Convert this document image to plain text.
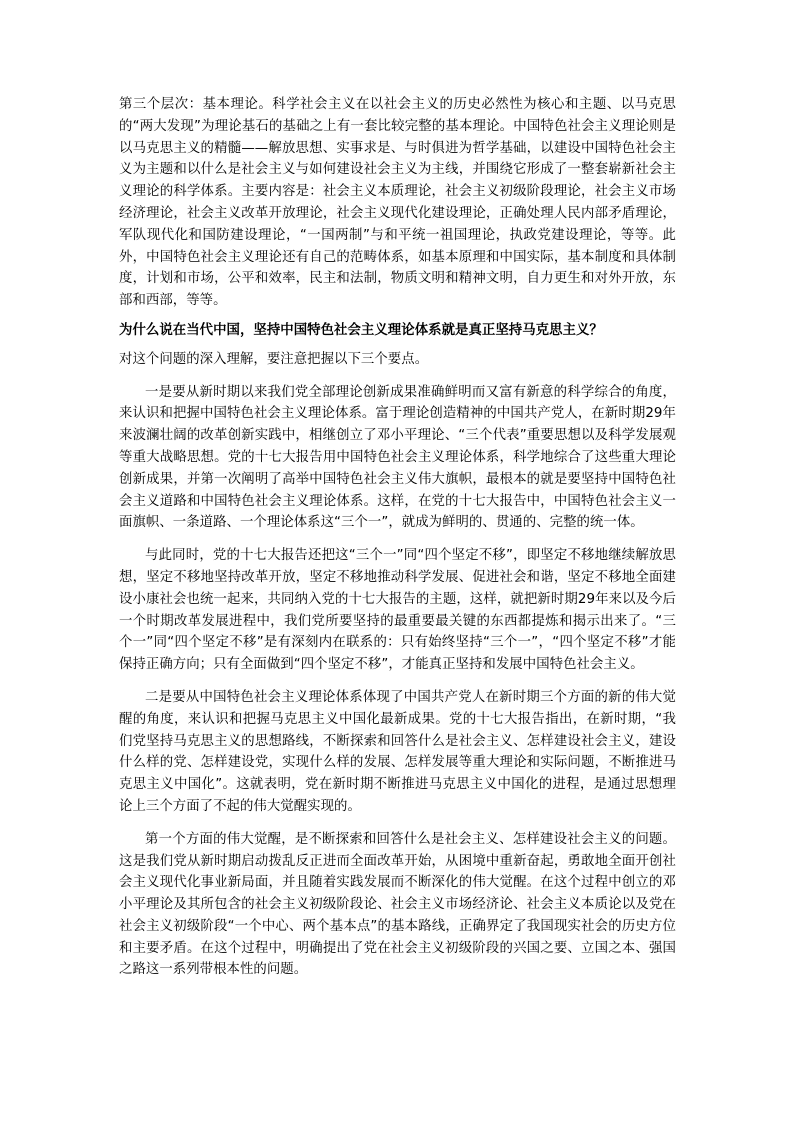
第三个层次：基本理论。科学社会主义在以社会主义的历史必然性为核心和主题、以马克思的“两大发现”为理论基石的基础之上有一套比较完整的基本理论。中国特色社会主义理论则是以马克思主义的精髓——解放思想、实事求是、与时俱进为哲学基础，以建设中国特色社会主义为主题和以什么是社会主义与如何建设社会主义为主线，并围绕它形成了一整套崭新社会主义理论的科学体系。主要内容是：社会主义本质理论，社会主义初级阶段理论，社会主义市场经济理论，社会主义改革开放理论，社会主义现代化建设理论，正确处理人民内部矛盾理论，军队现代化和国防建设理论，“一国两制”与和平统一祖国理论，执政党建设理论，等等。此外，中国特色社会主义理论还有自己的范畴体系，如基本原理和中国实际，基本制度和具体制度，计划和市场，公平和效率，民主和法制，物质文明和精神文明，自力更生和对外开放，东部和西部，等等。

为什么说在当代中国，坚持中国特色社会主义理论体系就是真正坚持马克思主义？

对这个问题的深入理解，要注意把握以下三个要点。

一是要从新时期以来我们党全部理论创新成果准确鲜明而又富有新意的科学综合的角度，来认识和把握中国特色社会主义理论体系。富于理论创造精神的中国共产党人，在新时期29年来波澜壮阔的改革创新实践中，相继创立了邓小平理论、“三个代表”重要思想以及科学发展观等重大战略思想。党的十七大报告用中国特色社会主义理论体系，科学地综合了这些重大理论创新成果，并第一次阐明了高举中国特色社会主义伟大旗帜，最根本的就是要坚持中国特色社会主义道路和中国特色社会主义理论体系。这样，在党的十七大报告中，中国特色社会主义一面旗帜、一条道路、一个理论体系这“三个一”，就成为鲜明的、贯通的、完整的统一体。

与此同时，党的十七大报告还把这“三个一”同“四个坚定不移”，即坚定不移地继续解放思想，坚定不移地坚持改革开放，坚定不移地推动科学发展、促进社会和谐，坚定不移地全面建设小康社会也统一起来，共同纳入党的十七大报告的主题，这样，就把新时期29年来以及今后一个时期改革发展进程中，我们党所要坚持的最重要最关键的东西都提炼和揭示出来了。“三个一”同“四个坚定不移”是有深刻内在联系的：只有始终坚持“三个一”，“四个坚定不移”才能保持正确方向；只有全面做到“四个坚定不移”，才能真正坚持和发展中国特色社会主义。

二是要从中国特色社会主义理论体系体现了中国共产党人在新时期三个方面的新的伟大觉醒的角度，来认识和把握马克思主义中国化最新成果。党的十七大报告指出，在新时期，“我们党坚持马克思主义的思想路线，不断探索和回答什么是社会主义、怎样建设社会主义，建设什么样的党、怎样建设党，实现什么样的发展、怎样发展等重大理论和实际问题，不断推进马克思主义中国化”。这就表明，党在新时期不断推进马克思主义中国化的进程，是通过思想理论上三个方面了不起的伟大觉醒实现的。

第一个方面的伟大觉醒，是不断探索和回答什么是社会主义、怎样建设社会主义的问题。这是我们党从新时期启动拨乱反正进而全面改革开始，从困境中重新奋起，勇敢地全面开创社会主义现代化事业新局面，并且随着实践发展而不断深化的伟大觉醒。在这个过程中创立的邓小平理论及其所包含的社会主义初级阶段论、社会主义市场经济论、社会主义本质论以及党在社会主义初级阶段“一个中心、两个基本点”的基本路线，正确界定了我国现实社会的历史方位和主要矛盾。在这个过程中，明确提出了党在社会主义初级阶段的兴国之要、立国之本、强国之路这一系列带根本性的问题。
